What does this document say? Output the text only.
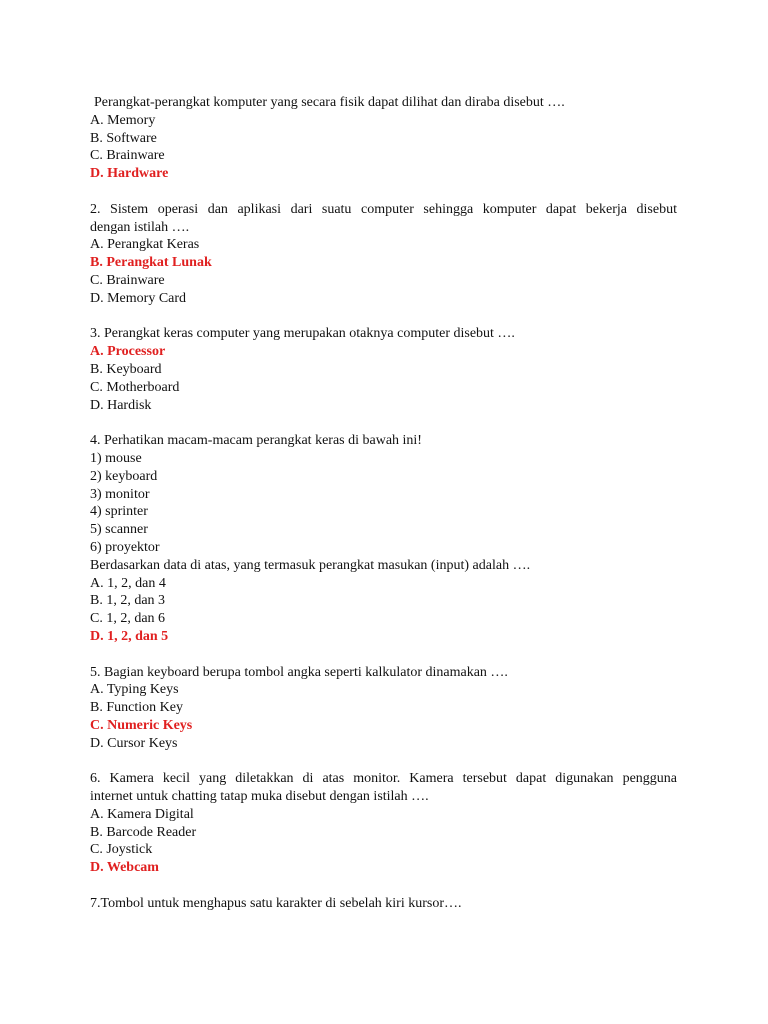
Perangkat-perangkat komputer yang secara fisik dapat dilihat dan diraba disebut ….
A. Memory
B. Software
C. Brainware
D. Hardware
2. Sistem operasi dan aplikasi dari suatu computer sehingga komputer dapat bekerja disebut
dengan istilah ….
A. Perangkat Keras
B. Perangkat Lunak
C. Brainware
D. Memory Card
3. Perangkat keras computer yang merupakan otaknya computer disebut ….
A. Processor
B. Keyboard
C. Motherboard
D. Hardisk
4. Perhatikan macam-macam perangkat keras di bawah ini!
1) mouse
2) keyboard
3) monitor
4) sprinter
5) scanner
6) proyektor
Berdasarkan data di atas, yang termasuk perangkat masukan (input) adalah ….
A. 1, 2, dan 4
B. 1, 2, dan 3
C. 1, 2, dan 6
D. 1, 2, dan 5
5. Bagian keyboard berupa tombol angka seperti kalkulator dinamakan ….
A. Typing Keys
B. Function Key
C. Numeric Keys
D. Cursor Keys
6. Kamera kecil yang diletakkan di atas monitor. Kamera tersebut dapat digunakan pengguna
internet untuk chatting tatap muka disebut dengan istilah ….
A. Kamera Digital
B. Barcode Reader
C. Joystick
D. Webcam
7.Tombol untuk menghapus satu karakter di sebelah kiri kursor….
